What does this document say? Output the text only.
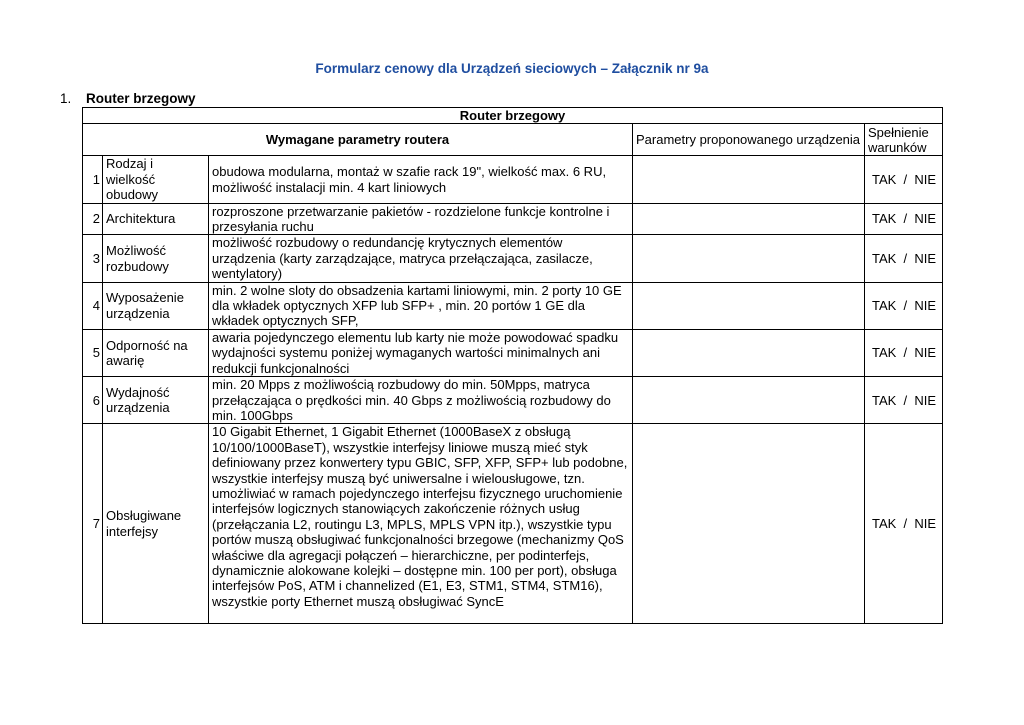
Formularz cenowy dla Urządzeń sieciowych – Załącznik nr 9a
1. Router brzegowy
Router brzegowy				
Wymagane parametry routera			Parametry proponowanego urządzenia	Spełnienie warunków
1	Rodzaj i wielkość obudowy	obudowa modularna, montaż w szafie rack 19", wielkość max. 6 RU, możliwość instalacji min. 4 kart liniowych		TAK  /  NIE
2	Architektura	rozproszone przetwarzanie pakietów - rozdzielone funkcje kontrolne i przesyłania ruchu		TAK  /  NIE
3	Możliwość rozbudowy	możliwość rozbudowy o redundancję krytycznych elementów urządzenia (karty zarządzające, matryca przełączająca, zasilacze, wentylatory)		TAK  /  NIE
4	Wyposażenie urządzenia	min. 2 wolne sloty do obsadzenia kartami liniowymi, min. 2 porty 10 GE dla wkładek optycznych XFP lub SFP+ , min. 20 portów 1 GE dla wkładek optycznych SFP,		TAK  /  NIE
5	Odporność na awarię	awaria pojedynczego elementu lub karty nie może powodować spadku wydajności systemu poniżej wymaganych wartości minimalnych ani redukcji funkcjonalności		TAK  /  NIE
6	Wydajność urządzenia	min. 20 Mpps z możliwością rozbudowy do min. 50Mpps, matryca przełączająca o prędkości min. 40 Gbps z możliwością rozbudowy do min. 100Gbps		TAK  /  NIE
7	Obsługiwane interfejsy	10 Gigabit Ethernet, 1 Gigabit Ethernet (1000BaseX z obsługą 10/100/1000BaseT), wszystkie interfejsy liniowe muszą mieć styk definiowany przez konwertery typu GBIC, SFP, XFP, SFP+ lub podobne, wszystkie interfejsy muszą być uniwersalne i wielousługowe, tzn. umożliwiać w ramach pojedynczego interfejsu fizycznego uruchomienie interfejsów logicznych stanowiących zakończenie różnych usług (przełączania L2, routingu L3, MPLS, MPLS VPN itp.), wszystkie typu portów muszą obsługiwać funkcjonalności brzegowe (mechanizmy QoS właściwe dla agregacji połączeń – hierarchiczne, per podinterfejs, dynamicznie alokowane kolejki – dostępne min. 100 per port), obsługa interfejsów PoS, ATM i channelized (E1, E3, STM1, STM4, STM16), wszystkie porty Ethernet muszą obsługiwać SyncE		TAK  /  NIE
